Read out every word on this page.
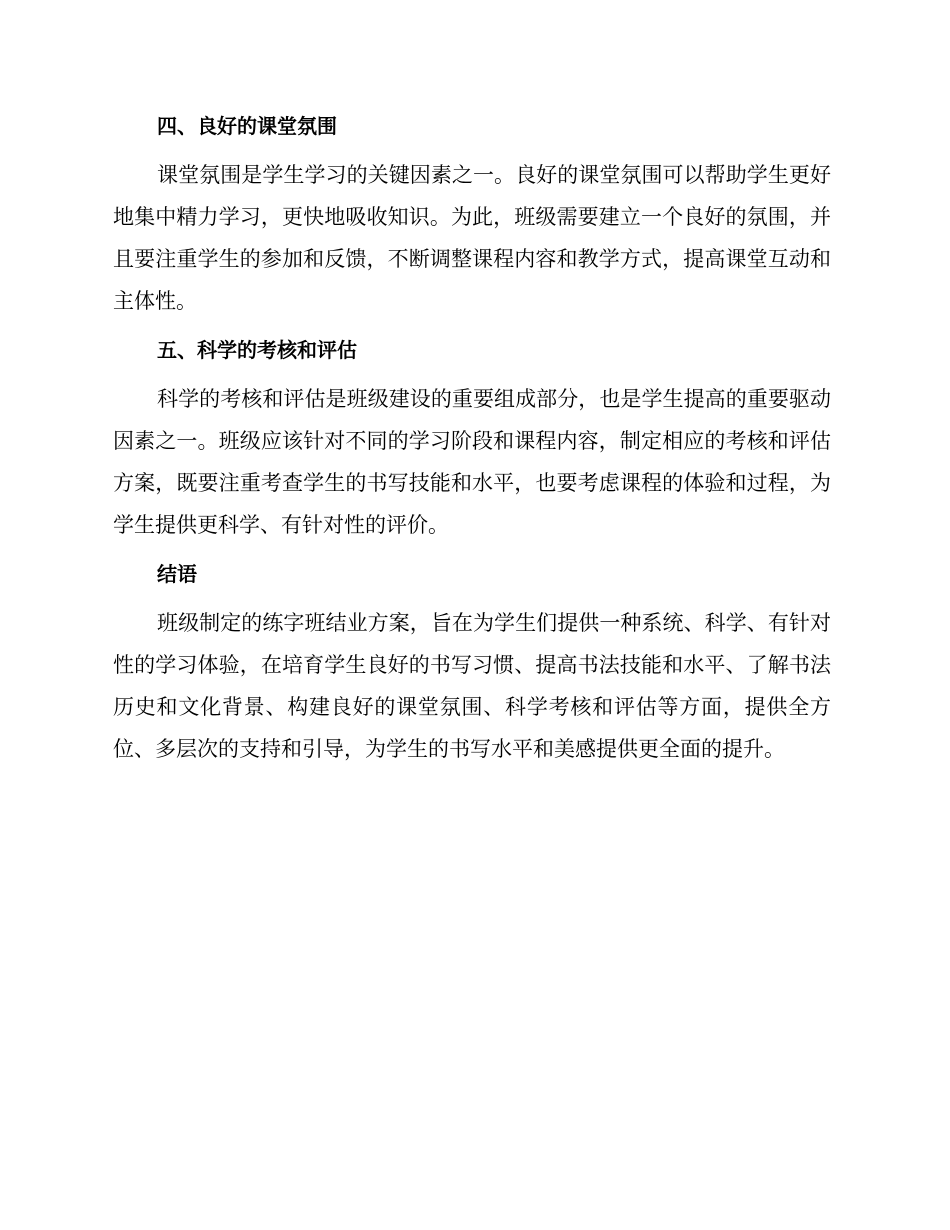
四、良好的课堂氛围

课堂氛围是学生学习的关键因素之一。良好的课堂氛围可以帮助学生更好地集中精力学习，更快地吸收知识。为此，班级需要建立一个良好的氛围，并且要注重学生的参加和反馈，不断调整课程内容和教学方式，提高课堂互动和主体性。

五、科学的考核和评估

科学的考核和评估是班级建设的重要组成部分，也是学生提高的重要驱动因素之一。班级应该针对不同的学习阶段和课程内容，制定相应的考核和评估方案，既要注重考查学生的书写技能和水平，也要考虑课程的体验和过程，为学生提供更科学、有针对性的评价。

结语

班级制定的练字班结业方案，旨在为学生们提供一种系统、科学、有针对性的学习体验，在培育学生良好的书写习惯、提高书法技能和水平、了解书法历史和文化背景、构建良好的课堂氛围、科学考核和评估等方面，提供全方位、多层次的支持和引导，为学生的书写水平和美感提供更全面的提升。
